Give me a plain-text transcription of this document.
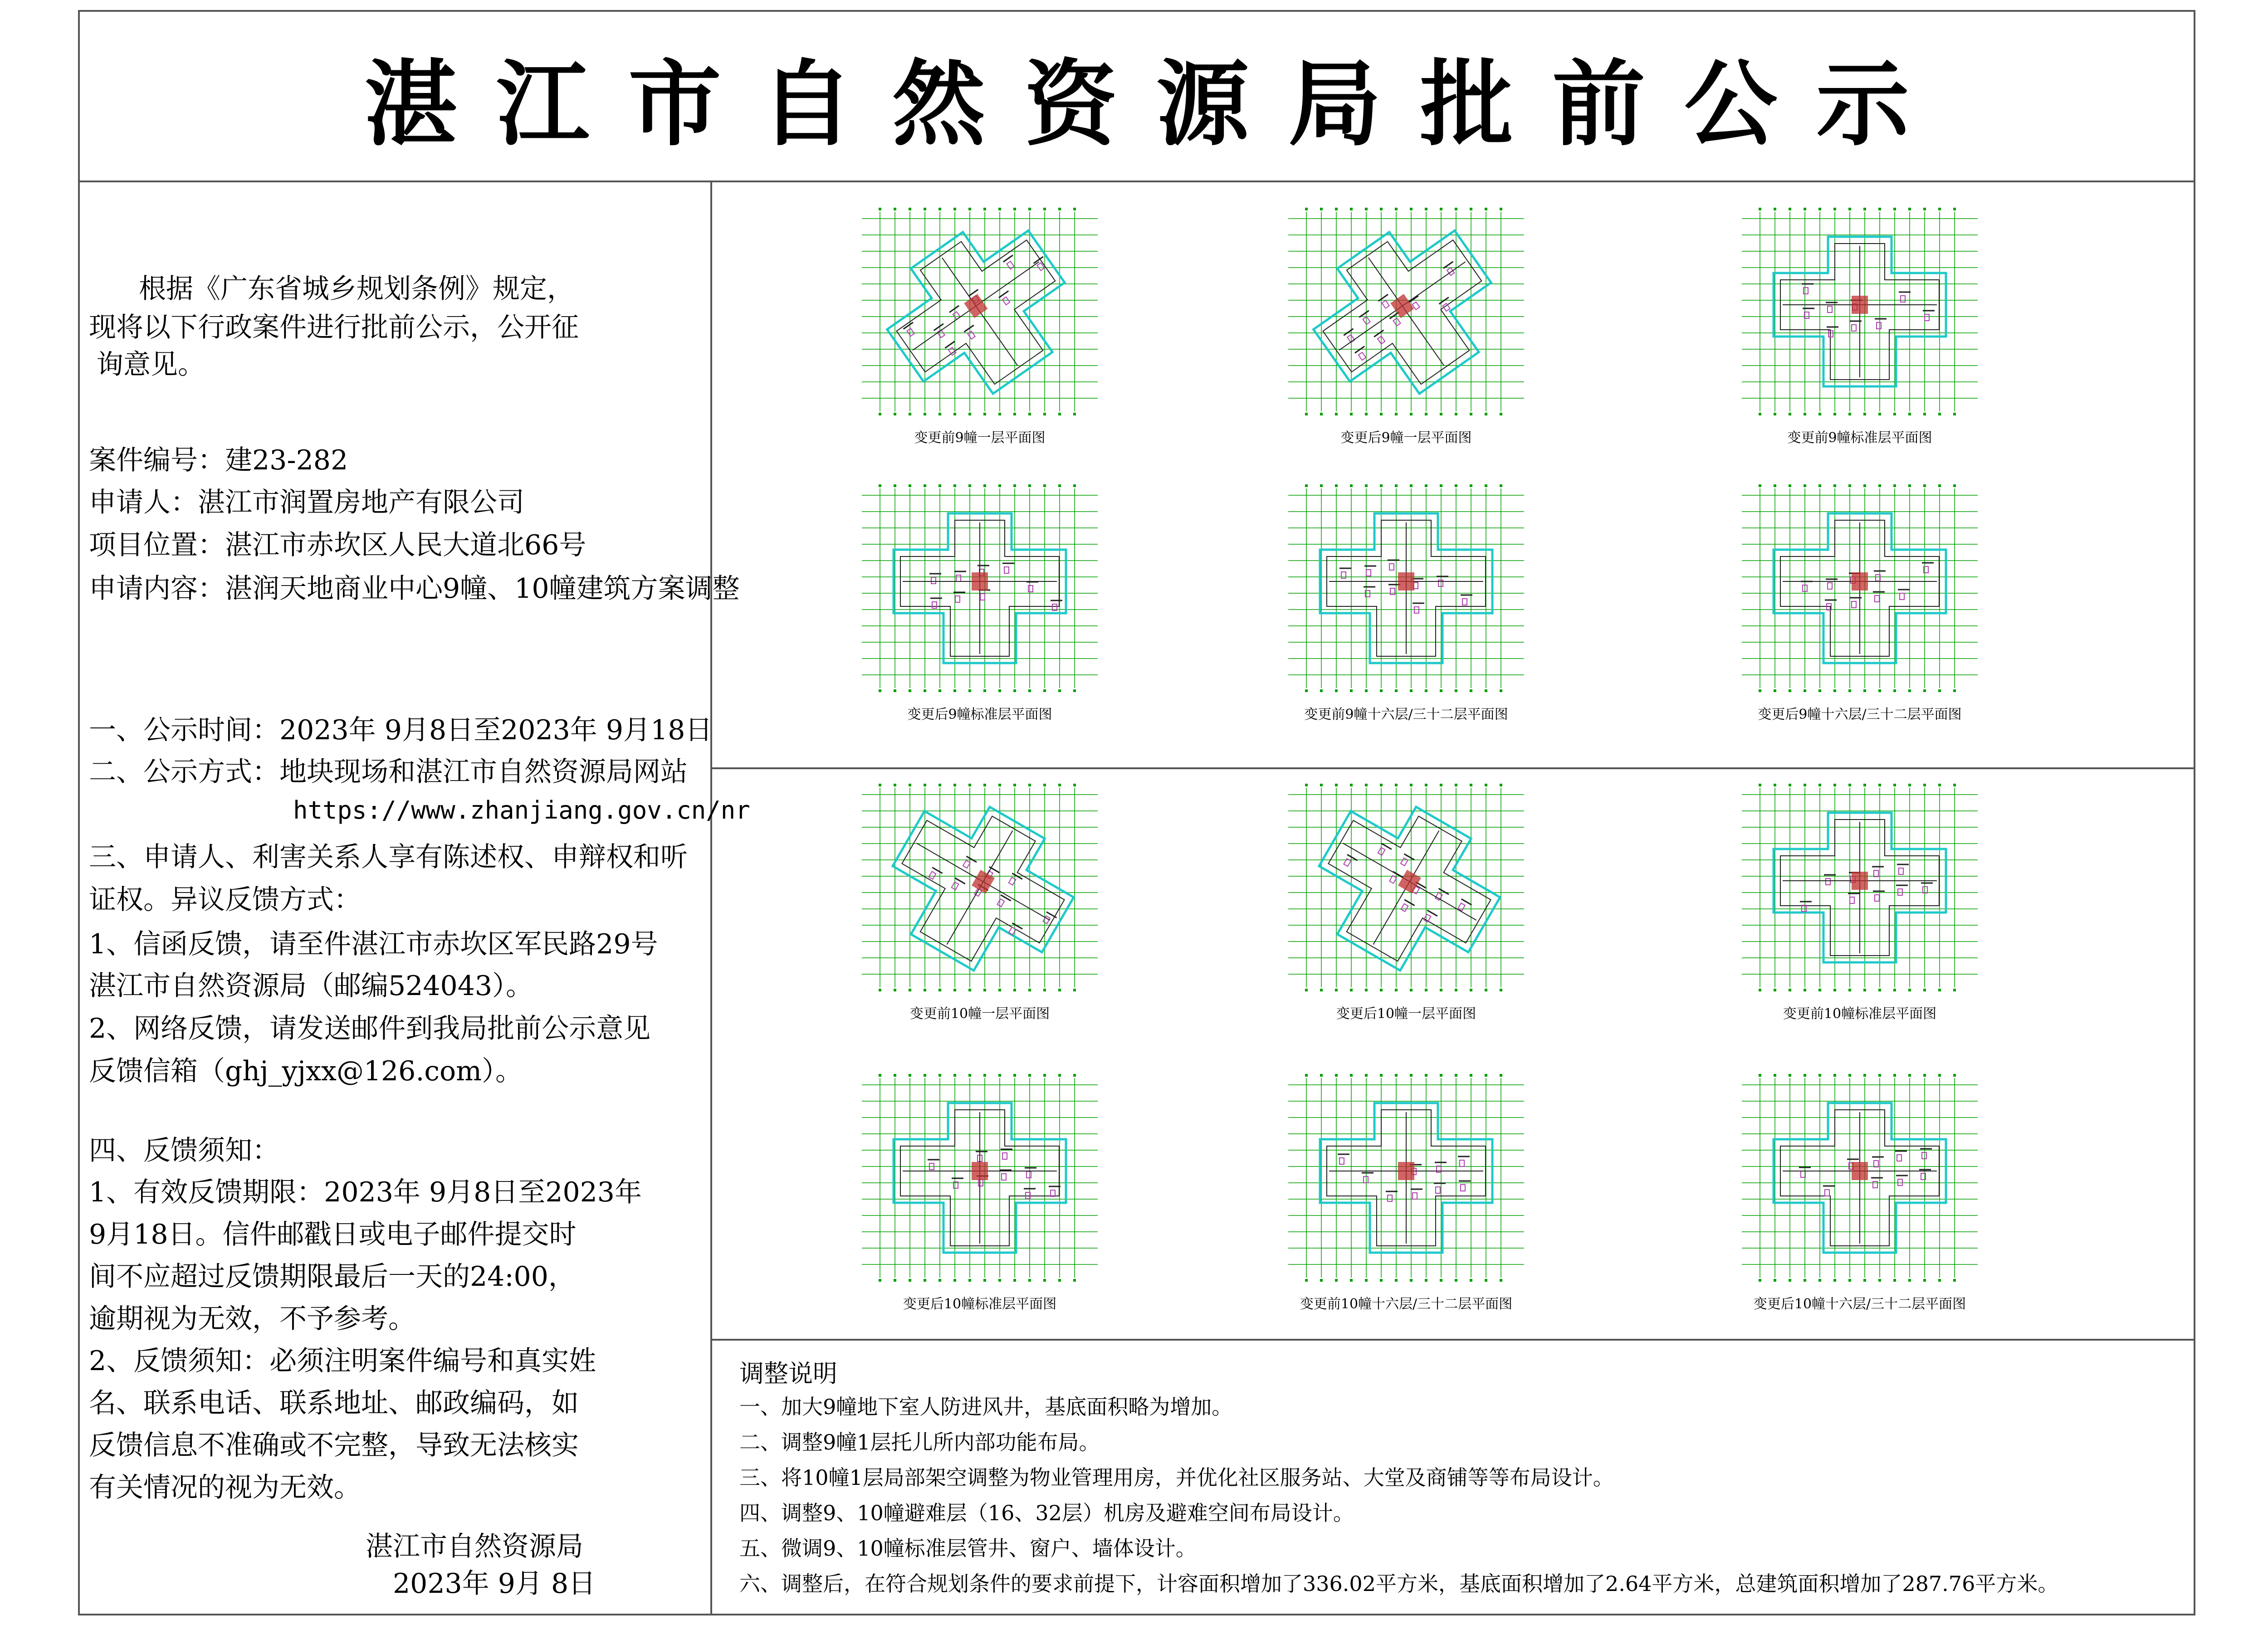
湛江市自然资源局批前公示
根据《广东省城乡规划条例》规定，
现将以下行政案件进行批前公示，公开征
询意见。
案件编号：建23-282
申请人：湛江市润置房地产有限公司
项目位置：湛江市赤坎区人民大道北66号
申请内容：湛润天地商业中心9幢、10幢建筑方案调整
一、公示时间：2023年 9月8日至2023年 9月18日
二、公示方式：地块现场和湛江市自然资源局网站
https://www.zhanjiang.gov.cn/nr
三、申请人、利害关系人享有陈述权、申辩权和听
证权。异议反馈方式：
1、信函反馈，请至件湛江市赤坎区军民路29号
湛江市自然资源局（邮编524043）。
2、网络反馈，请发送邮件到我局批前公示意见
反馈信箱（ghj_yjxx@126.com）。
四、反馈须知：
1、有效反馈期限：2023年 9月8日至2023年
9月18日。信件邮戳日或电子邮件提交时
间不应超过反馈期限最后一天的24:00，
逾期视为无效，不予参考。
2、反馈须知：必须注明案件编号和真实姓
名、联系电话、联系地址、邮政编码，如
反馈信息不准确或不完整，导致无法核实
有关情况的视为无效。
湛江市自然资源局
2023年 9月 8日
变更前9幢一层平面图	变更后9幢一层平面图	变更前9幢标准层平面图
变更后9幢标准层平面图	变更前9幢十六层/三十二层平面图	变更后9幢十六层/三十二层平面图
变更前10幢一层平面图	变更后10幢一层平面图	变更前10幢标准层平面图
变更后10幢标准层平面图	变更前10幢十六层/三十二层平面图	变更后10幢十六层/三十二层平面图
调整说明
一、加大9幢地下室人防进风井，基底面积略为增加。
二、调整9幢1层托儿所内部功能布局。
三、将10幢1层局部架空调整为物业管理用房，并优化社区服务站、大堂及商铺等等布局设计。
四、调整9、10幢避难层（16、32层）机房及避难空间布局设计。
五、微调9、10幢标准层管井、窗户、墙体设计。
六、调整后，在符合规划条件的要求前提下，计容面积增加了336.02平方米，基底面积增加了2.64平方米，总建筑面积增加了287.76平方米。
